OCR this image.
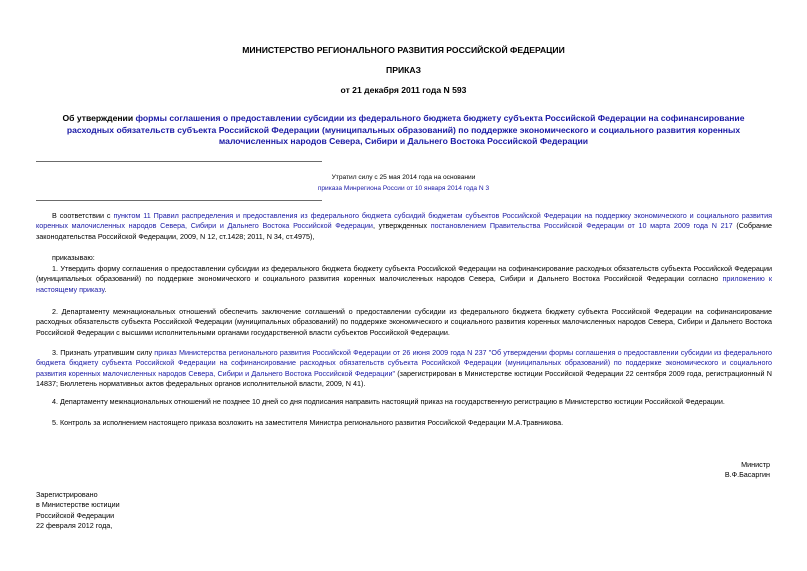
МИНИСТЕРСТВО РЕГИОНАЛЬНОГО РАЗВИТИЯ РОССИЙСКОЙ ФЕДЕРАЦИИ
ПРИКАЗ
от 21 декабря 2011 года N 593
Об утверждении формы соглашения о предоставлении субсидии из федерального бюджета бюджету субъекта Российской Федерации на софинансирование расходных обязательств субъекта Российской Федерации (муниципальных образований) по поддержке экономического и социального развития коренных малочисленных народов Севера, Сибири и Дальнего Востока Российской Федерации
Утратил силу с 25 мая 2014 года на основании
приказа Минрегиона России от 10 января 2014 года N 3
В соответствии с пунктом 11 Правил распределения и предоставления из федерального бюджета субсидий бюджетам субъектов Российской Федерации на поддержку экономического и социального развития коренных малочисленных народов Севера, Сибири и Дальнего Востока Российской Федерации, утвержденных постановлением Правительства Российской Федерации от 10 марта 2009 года N 217 (Собрание законодательства Российской Федерации, 2009, N 12, ст.1428; 2011, N 34, ст.4975),
приказываю:
1. Утвердить форму соглашения о предоставлении субсидии из федерального бюджета бюджету субъекта Российской Федерации на софинансирование расходных обязательств субъекта Российской Федерации (муниципальных образований) по поддержке экономического и социального развития коренных малочисленных народов Севера, Сибири и Дальнего Востока Российской Федерации согласно приложению к настоящему приказу.
2. Департаменту межнациональных отношений обеспечить заключение соглашений о предоставлении субсидии из федерального бюджета бюджету субъекта Российской Федерации на софинансирование расходных обязательств субъекта Российской Федерации (муниципальных образований) по поддержке экономического и социального развития коренных малочисленных народов Севера, Сибири и Дальнего Востока Российской Федерации с высшими исполнительными органами государственной власти субъектов Российской Федерации.
3. Признать утратившим силу приказ Министерства регионального развития Российской Федерации от 26 июня 2009 года N 237 "Об утверждении формы соглашения о предоставлении субсидии из федерального бюджета бюджету субъекта Российской Федерации на софинансирование расходных обязательств субъекта Российской Федерации (муниципальных образований) по поддержке экономического и социального развития коренных малочисленных народов Севера, Сибири и Дальнего Востока Российской Федерации" (зарегистрирован в Министерстве юстиции Российской Федерации 22 сентября 2009 года, регистрационный N 14837; Бюллетень нормативных актов федеральных органов исполнительной власти, 2009, N 41).
4. Департаменту межнациональных отношений не позднее 10 дней со дня подписания направить настоящий приказ на государственную регистрацию в Министерство юстиции Российской Федерации.
5. Контроль за исполнением настоящего приказа возложить на заместителя Министра регионального развития Российской Федерации М.А.Травникова.
Министр
В.Ф.Басаргин
Зарегистрировано
в Министерстве юстиции
Российской Федерации
22 февраля 2012 года,
